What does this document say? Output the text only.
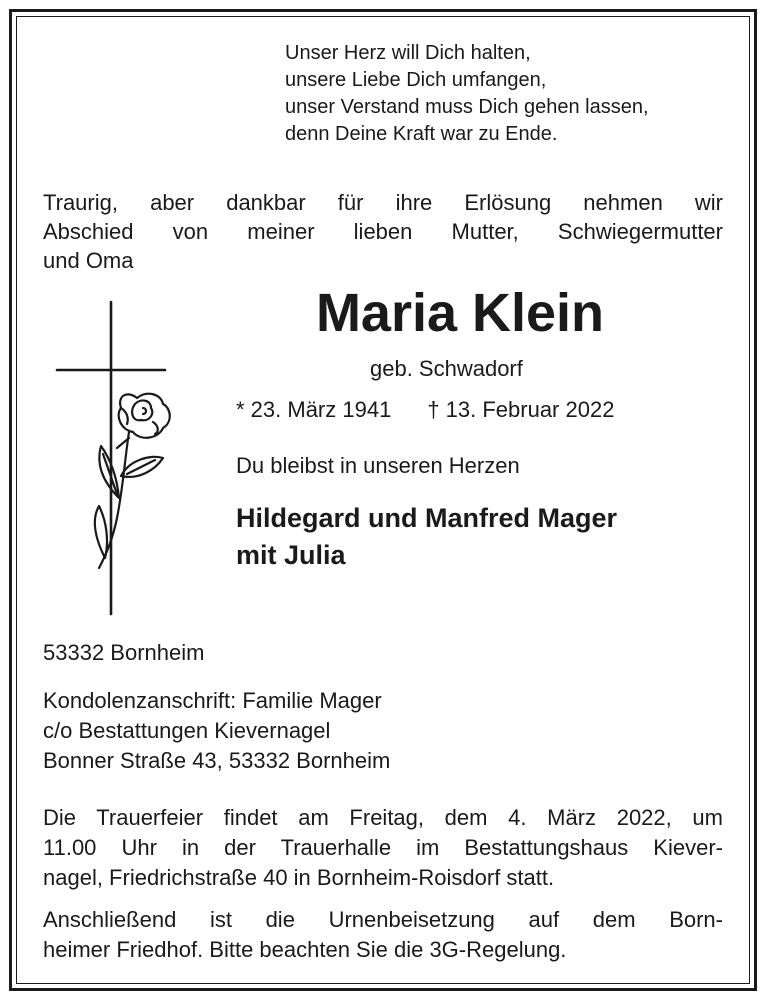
Unser Herz will Dich halten,
unsere Liebe Dich umfangen,
unser Verstand muss Dich gehen lassen,
denn Deine Kraft war zu Ende.
Traurig, aber dankbar für ihre Erlösung nehmen wir
Abschied von meiner lieben Mutter, Schwiegermutter
und Oma
Maria Klein
geb. Schwadorf
* 23. März 1941 † 13. Februar 2022
Du bleibst in unseren Herzen
Hildegard und Manfred Mager
mit Julia
53332 Bornheim
Kondolenzanschrift: Familie Mager
c/o Bestattungen Kievernagel
Bonner Straße 43, 53332 Bornheim
Die Trauerfeier findet am Freitag, dem 4. März 2022, um
11.00 Uhr in der Trauerhalle im Bestattungshaus Kiever-
nagel, Friedrichstraße 40 in Bornheim-Roisdorf statt.
Anschließend ist die Urnenbeisetzung auf dem Born-
heimer Friedhof. Bitte beachten Sie die 3G-Regelung.
